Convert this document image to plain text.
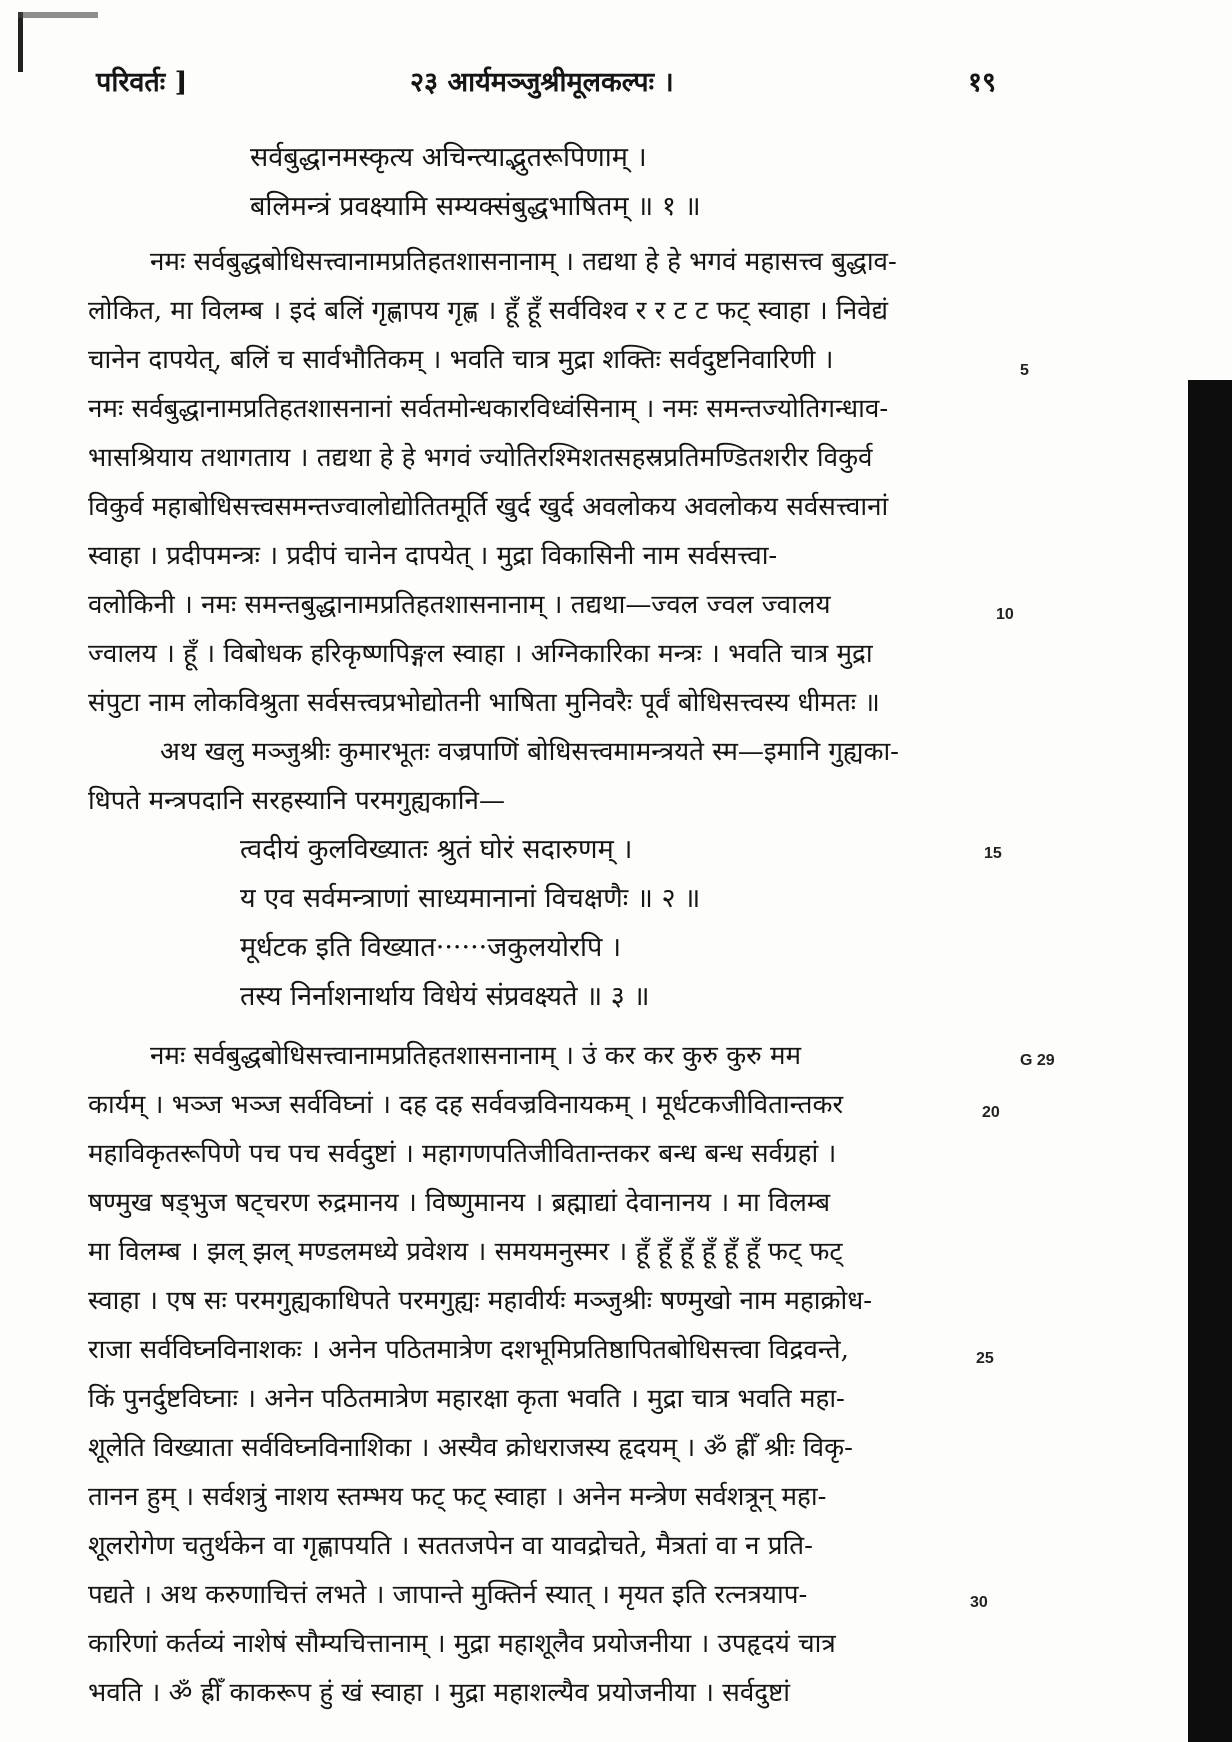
परिवर्तः ]	२३ आर्यमञ्जुश्रीमूलकल्पः ।	१९
सर्वबुद्धानमस्कृत्य अचिन्त्याद्भुतरूपिणाम् ।
बलिमन्त्रं प्रवक्ष्यामि सम्यक्संबुद्धभाषितम् ॥ १ ॥
नमः सर्वबुद्धबोधिसत्त्वानामप्रतिहतशासनानाम् । तद्यथा हे हे भगवं महासत्त्व बुद्धाव-
लोकित, मा विलम्ब । इदं बलिं गृह्णापय गृह्ण । हूँ हूँ सर्वविश्व र र ट ट फट् स्वाहा । निवेद्यं
चानेन दापयेत्, बलिं च सार्वभौतिकम् । भवति चात्र मुद्रा शक्तिः सर्वदुष्टनिवारिणी ।
नमः सर्वबुद्धानामप्रतिहतशासनानां सर्वतमोन्धकारविध्वंसिनाम् । नमः समन्तज्योतिगन्धाव-
भासश्रियाय तथागताय । तद्यथा हे हे भगवं ज्योतिरश्मिशतसहस्रप्रतिमण्डितशरीर विकुर्व
विकुर्व महाबोधिसत्त्वसमन्तज्वालोद्योतितमूर्ति खुर्द खुर्द अवलोकय अवलोकय सर्वसत्त्वानां
स्वाहा । प्रदीपमन्त्रः । प्रदीपं चानेन दापयेत् । मुद्रा विकासिनी नाम सर्वसत्त्वा-
वलोकिनी । नमः समन्तबुद्धानामप्रतिहतशासनानाम् । तद्यथा—ज्वल ज्वल ज्वालय
ज्वालय । हूँ । विबोधक हरिकृष्णपिङ्गल स्वाहा । अग्निकारिका मन्त्रः । भवति चात्र मुद्रा
संपुटा नाम लोकविश्रुता सर्वसत्त्वप्रभोद्योतनी भाषिता मुनिवरैः पूर्वं बोधिसत्त्वस्य धीमतः ॥
अथ खलु मञ्जुश्रीः कुमारभूतः वज्रपाणिं बोधिसत्त्वमामन्त्रयते स्म—इमानि गुह्यका-
धिपते मन्त्रपदानि सरहस्यानि परमगुह्यकानि—
त्वदीयं कुलविख्यातः श्रुतं घोरं सदारुणम् ।
य एव सर्वमन्त्राणां साध्यमानानां विचक्षणैः ॥ २ ॥
मूर्धटक इति विख्यात······जकुलयोरपि ।
तस्य निर्नाशनार्थाय विधेयं संप्रवक्ष्यते ॥ ३ ॥
नमः सर्वबुद्धबोधिसत्त्वानामप्रतिहतशासनानाम् । उं कर कर कुरु कुरु मम
कार्यम् । भञ्ज भञ्ज सर्वविघ्नां । दह दह सर्ववज्रविनायकम् । मूर्धटकजीवितान्तकर
महाविकृतरूपिणे पच पच सर्वदुष्टां । महागणपतिजीवितान्तकर बन्ध बन्ध सर्वग्रहां ।
षण्मुख षड्भुज षट्चरण रुद्रमानय । विष्णुमानय । ब्रह्माद्यां देवानानय । मा विलम्ब
मा विलम्ब । झल् झल् मण्डलमध्ये प्रवेशय । समयमनुस्मर । हूँ हूँ हूँ हूँ हूँ हूँ फट् फट्
स्वाहा । एष सः परमगुह्यकाधिपते परमगुह्यः महावीर्यः मञ्जुश्रीः षण्मुखो नाम महाक्रोध-
राजा सर्वविघ्नविनाशकः । अनेन पठितमात्रेण दशभूमिप्रतिष्ठापितबोधिसत्त्वा विद्रवन्ते,
किं पुनर्दुष्टविघ्नाः । अनेन पठितमात्रेण महारक्षा कृता भवति । मुद्रा चात्र भवति महा-
शूलेति विख्याता सर्वविघ्नविनाशिका । अस्यैव क्रोधराजस्य हृदयम् । ॐ ह्रीँ श्रीः विकृ-
तानन हुम् । सर्वशत्रुं नाशय स्तम्भय फट् फट् स्वाहा । अनेन मन्त्रेण सर्वशत्रून् महा-
शूलरोगेण चतुर्थकेन वा गृह्णापयति । सततजपेन वा यावद्रोचते, मैत्रतां वा न प्रति-
पद्यते । अथ करुणाचित्तं लभते । जापान्ते मुक्तिर्न स्यात् । मृयत इति रत्नत्रयाप-
कारिणां कर्तव्यं नाशेषं सौम्यचित्तानाम् । मुद्रा महाशूलैव प्रयोजनीया । उपहृदयं चात्र
भवति । ॐ ह्रीँ काकरूप हुं खं स्वाहा । मुद्रा महाशल्यैव प्रयोजनीया । सर्वदुष्टां
5
10
15
G 29
20
25
30
